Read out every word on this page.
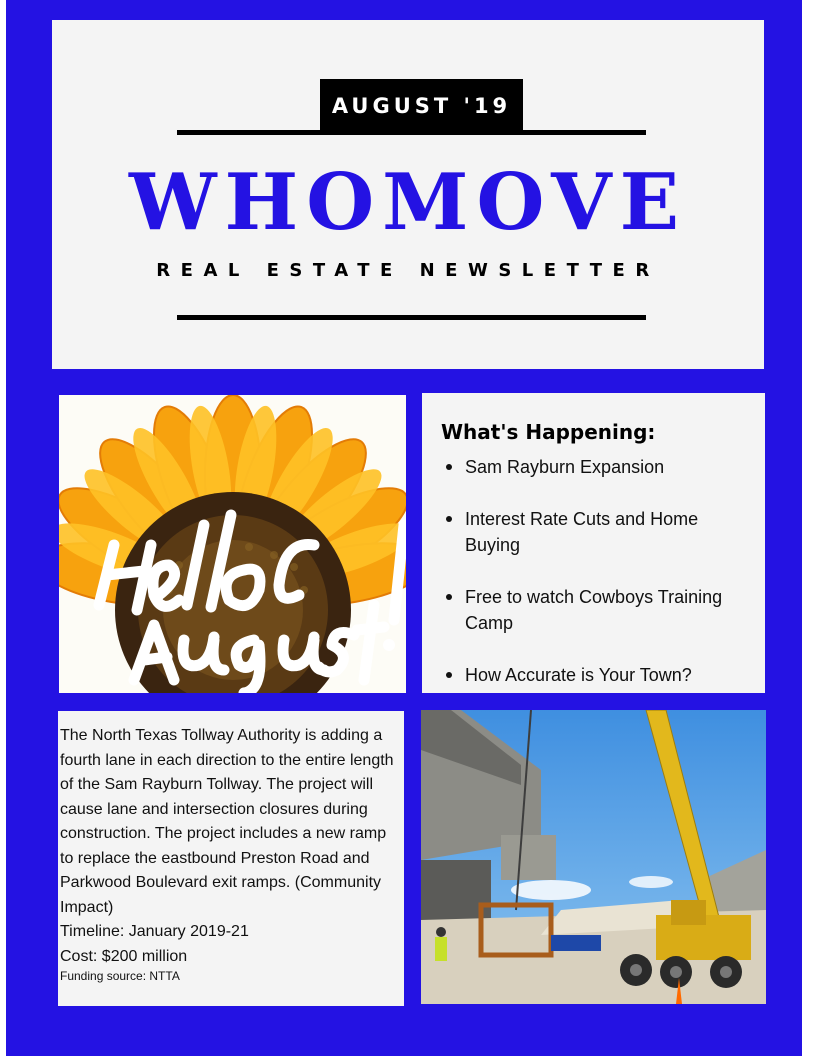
AUGUST '19
WHOMOVE
REAL ESTATE NEWSLETTER
What's Happening:
Sam Rayburn Expansion
Interest Rate Cuts and Home Buying
Free to watch Cowboys Training Camp
How Accurate is Your Town?

The North Texas Tollway Authority is adding a fourth lane in each direction to the entire length of the Sam Rayburn Tollway. The project will cause lane and intersection closures during construction. The project includes a new ramp to replace the eastbound Preston Road and Parkwood Boulevard exit ramps. (Community Impact)
Timeline: January 2019-21
Cost: $200 million

Funding source: NTTA
